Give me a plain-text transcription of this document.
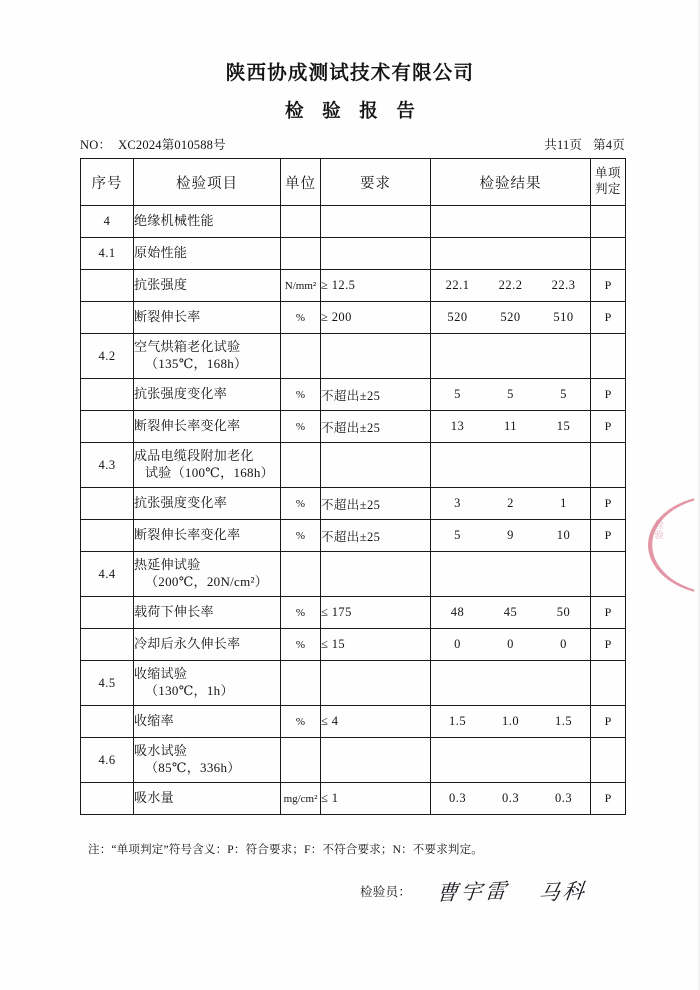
陕西协成测试技术有限公司
检 验 报 告
NO： XC2024第010588号	共11页 第4页
序号	检验项目	单位	要求	检验结果	单项
判定

4	绝缘机械性能			

4.1	原始性能			

	抗张强度	N/mm²	≥ 12.5	22.1 22.2 22.3	P
	断裂伸长率	%	≥ 200	520 520 510	P
4.2	空气烘箱老化试验
（135℃，168h）				

	抗张强度变化率	%	不超出±25	5 5 5	P
	断裂伸长率变化率	%	不超出±25	13 11 15	P
4.3	成品电缆段附加老化
试验（100℃，168h）				

	抗张强度变化率	%	不超出±25	3 2 1	P
	断裂伸长率变化率	%	不超出±25	5 9 10	P
4.4	热延伸试验
（200℃，20N/cm²）				

	载荷下伸长率	%	≤ 175	48 45 50	P
	冷却后永久伸长率	%	≤ 15	0 0 0	P
4.5	收缩试验
（130℃，1h）				

	收缩率	%	≤ 4	1.5 1.0 1.5	P
4.6	吸水试验
（85℃，336h）				

	吸水量	mg/cm²	≤ 1	0.3 0.3 0.3	P
注：“单项判定”符号含义：P：符合要求；F：不符合要求；N：不要求判定。
检验员： 曹宇雷 马科
检验
